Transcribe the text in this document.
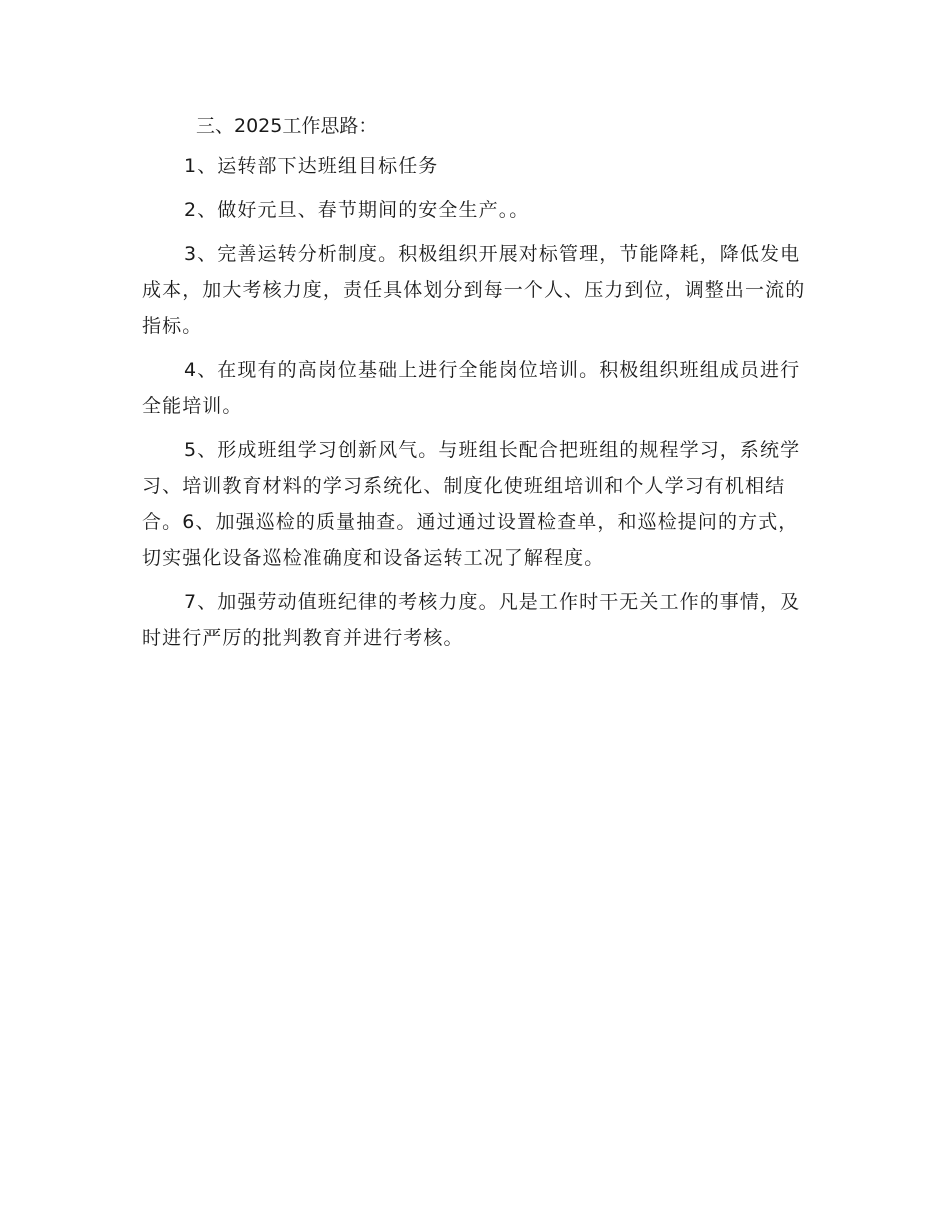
三、2025工作思路：

1、运转部下达班组目标任务

2、做好元旦、春节期间的安全生产。。

3、完善运转分析制度。积极组织开展对标管理，节能降耗，降低发电成本，加大考核力度，责任具体划分到每一个人、压力到位，调整出一流的指标。

4、在现有的高岗位基础上进行全能岗位培训。积极组织班组成员进行全能培训。

5、形成班组学习创新风气。与班组长配合把班组的规程学习，系统学习、培训教育材料的学习系统化、制度化使班组培训和个人学习有机相结合。6、加强巡检的质量抽查。通过通过设置检查单，和巡检提问的方式，切实强化设备巡检准确度和设备运转工况了解程度。

7、加强劳动值班纪律的考核力度。凡是工作时干无关工作的事情，及时进行严厉的批判教育并进行考核。
